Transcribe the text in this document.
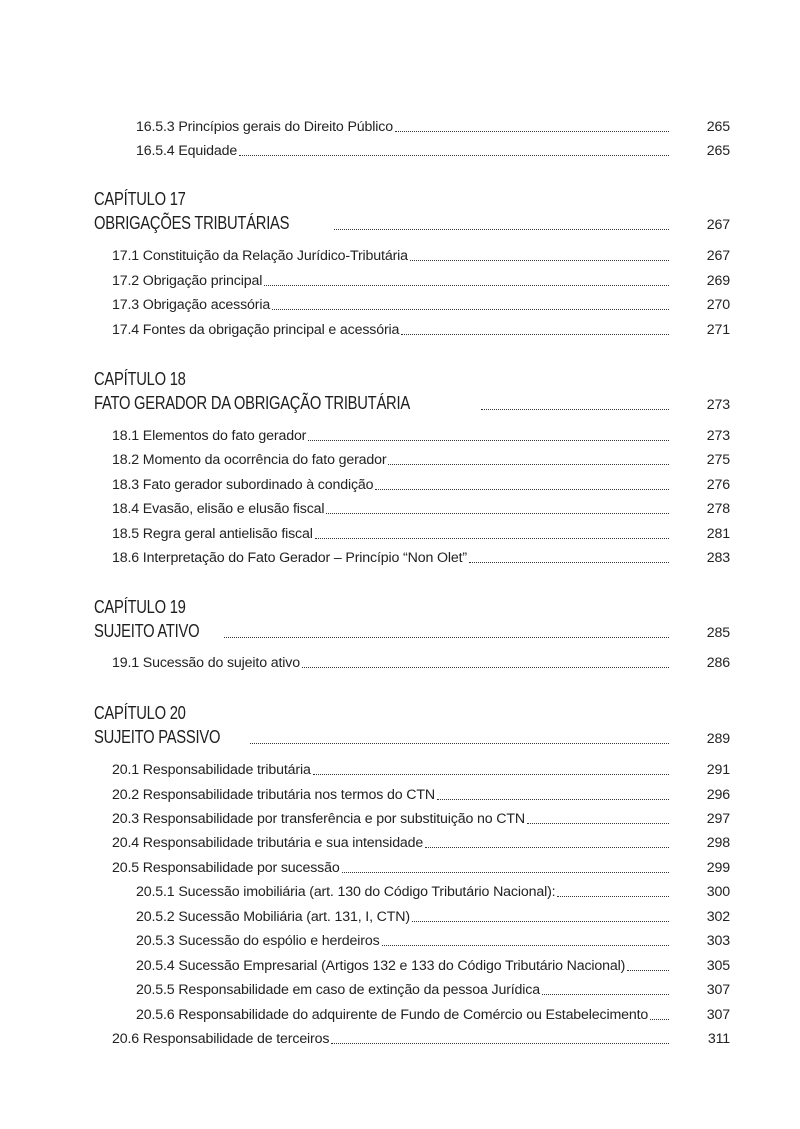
16.5.3 Princípios gerais do Direito Público	265
16.5.4 Equidade	265
CAPÍTULO 17
OBRIGAÇÕES TRIBUTÁRIAS	267
17.1 Constituição da Relação Jurídico-Tributária	267
17.2 Obrigação principal	269
17.3 Obrigação acessória	270
17.4 Fontes da obrigação principal e acessória	271
CAPÍTULO 18
FATO GERADOR DA OBRIGAÇÃO TRIBUTÁRIA	273
18.1 Elementos do fato gerador	273
18.2 Momento da ocorrência do fato gerador	275
18.3 Fato gerador subordinado à condição	276
18.4 Evasão, elisão e elusão fiscal	278
18.5 Regra geral antielisão fiscal	281
18.6 Interpretação do Fato Gerador – Princípio “Non Olet”	283
CAPÍTULO 19
SUJEITO ATIVO	285
19.1 Sucessão do sujeito ativo	286
CAPÍTULO 20
SUJEITO PASSIVO	289
20.1 Responsabilidade tributária	291
20.2 Responsabilidade tributária nos termos do CTN	296
20.3 Responsabilidade por transferência e por substituição no CTN	297
20.4 Responsabilidade tributária e sua intensidade	298
20.5 Responsabilidade por sucessão	299
20.5.1 Sucessão imobiliária (art. 130 do Código Tributário Nacional):	300
20.5.2 Sucessão Mobiliária (art. 131, I, CTN)	302
20.5.3 Sucessão do espólio e herdeiros	303
20.5.4 Sucessão Empresarial (Artigos 132 e 133 do Código Tributário Nacional)	305
20.5.5 Responsabilidade em caso de extinção da pessoa Jurídica	307
20.5.6 Responsabilidade do adquirente de Fundo de Comércio ou Estabelecimento	307
20.6 Responsabilidade de terceiros	311
